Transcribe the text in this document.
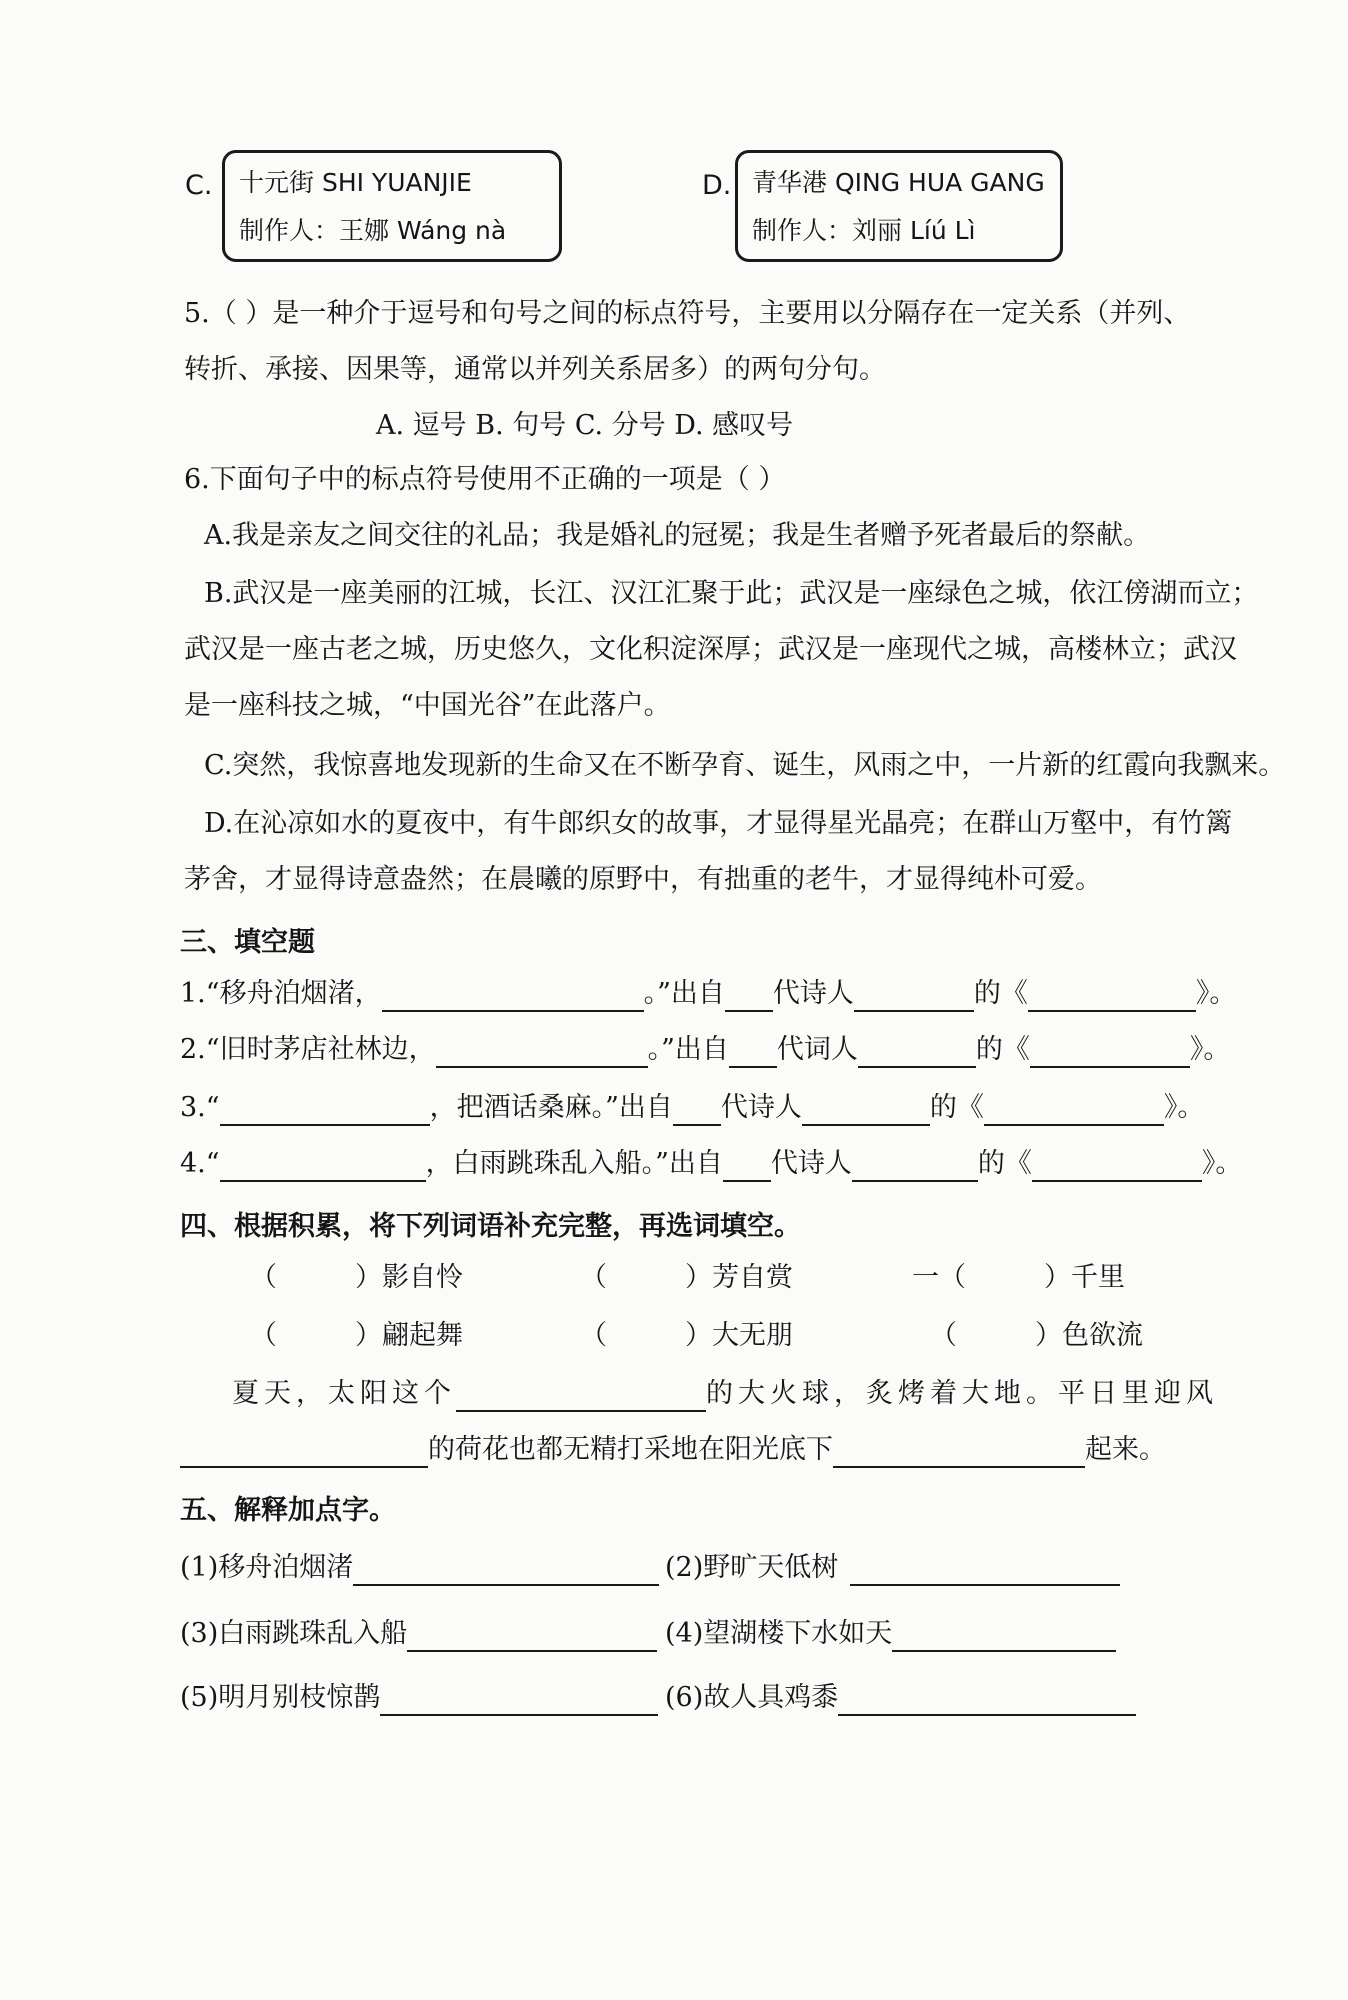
C. 十元街 SHI YUANJIE
制作人：王娜 Wáng nà
D. 青华港 QING HUA GANG
制作人：刘丽 Líú Lì
5.（ ）是一种介于逗号和句号之间的标点符号，主要用以分隔存在一定关系（并列、
转折、承接、因果等，通常以并列关系居多）的两句分句。
A. 逗号 B. 句号 C. 分号 D. 感叹号
6.下面句子中的标点符号使用不正确的一项是（ ）
A.我是亲友之间交往的礼品；我是婚礼的冠冕；我是生者赠予死者最后的祭献。
B.武汉是一座美丽的江城，长江、汉江汇聚于此；武汉是一座绿色之城，依江傍湖而立；
武汉是一座古老之城，历史悠久，文化积淀深厚；武汉是一座现代之城，高楼林立；武汉
是一座科技之城，“中国光谷”在此落户。
C.突然，我惊喜地发现新的生命又在不断孕育、诞生，风雨之中，一片新的红霞向我飘来。
D.在沁凉如水的夏夜中，有牛郎织女的故事，才显得星光晶亮；在群山万壑中，有竹篱
茅舍，才显得诗意盎然；在晨曦的原野中，有拙重的老牛，才显得纯朴可爱。
三、填空题
1.“移舟泊烟渚，	。”出自 代诗人	的《	》。
2.“旧时茅店社林边，	。”出自 代词人	的《	》。
3.“	，把酒话桑麻。”出自 代诗人	的《	》。
4.“	，白雨跳珠乱入船。”出自 代诗人	的《	》。
四、根据积累，将下列词语补充完整，再选词填空。
（	）影自怜	（	）芳自赏	一（	）千里
（	）翩起舞	（	）大无朋	（	）色欲流
夏天，太阳这个	的大火球，炙烤着大地。平日里迎风
的荷花也都无精打采地在阳光底下	起来。
五、解释加点字。
(1)移舟泊烟渚	(2)野旷天低树
(3)白雨跳珠乱入船	(4)望湖楼下水如天
(5)明月别枝惊鹊	(6)故人具鸡黍
